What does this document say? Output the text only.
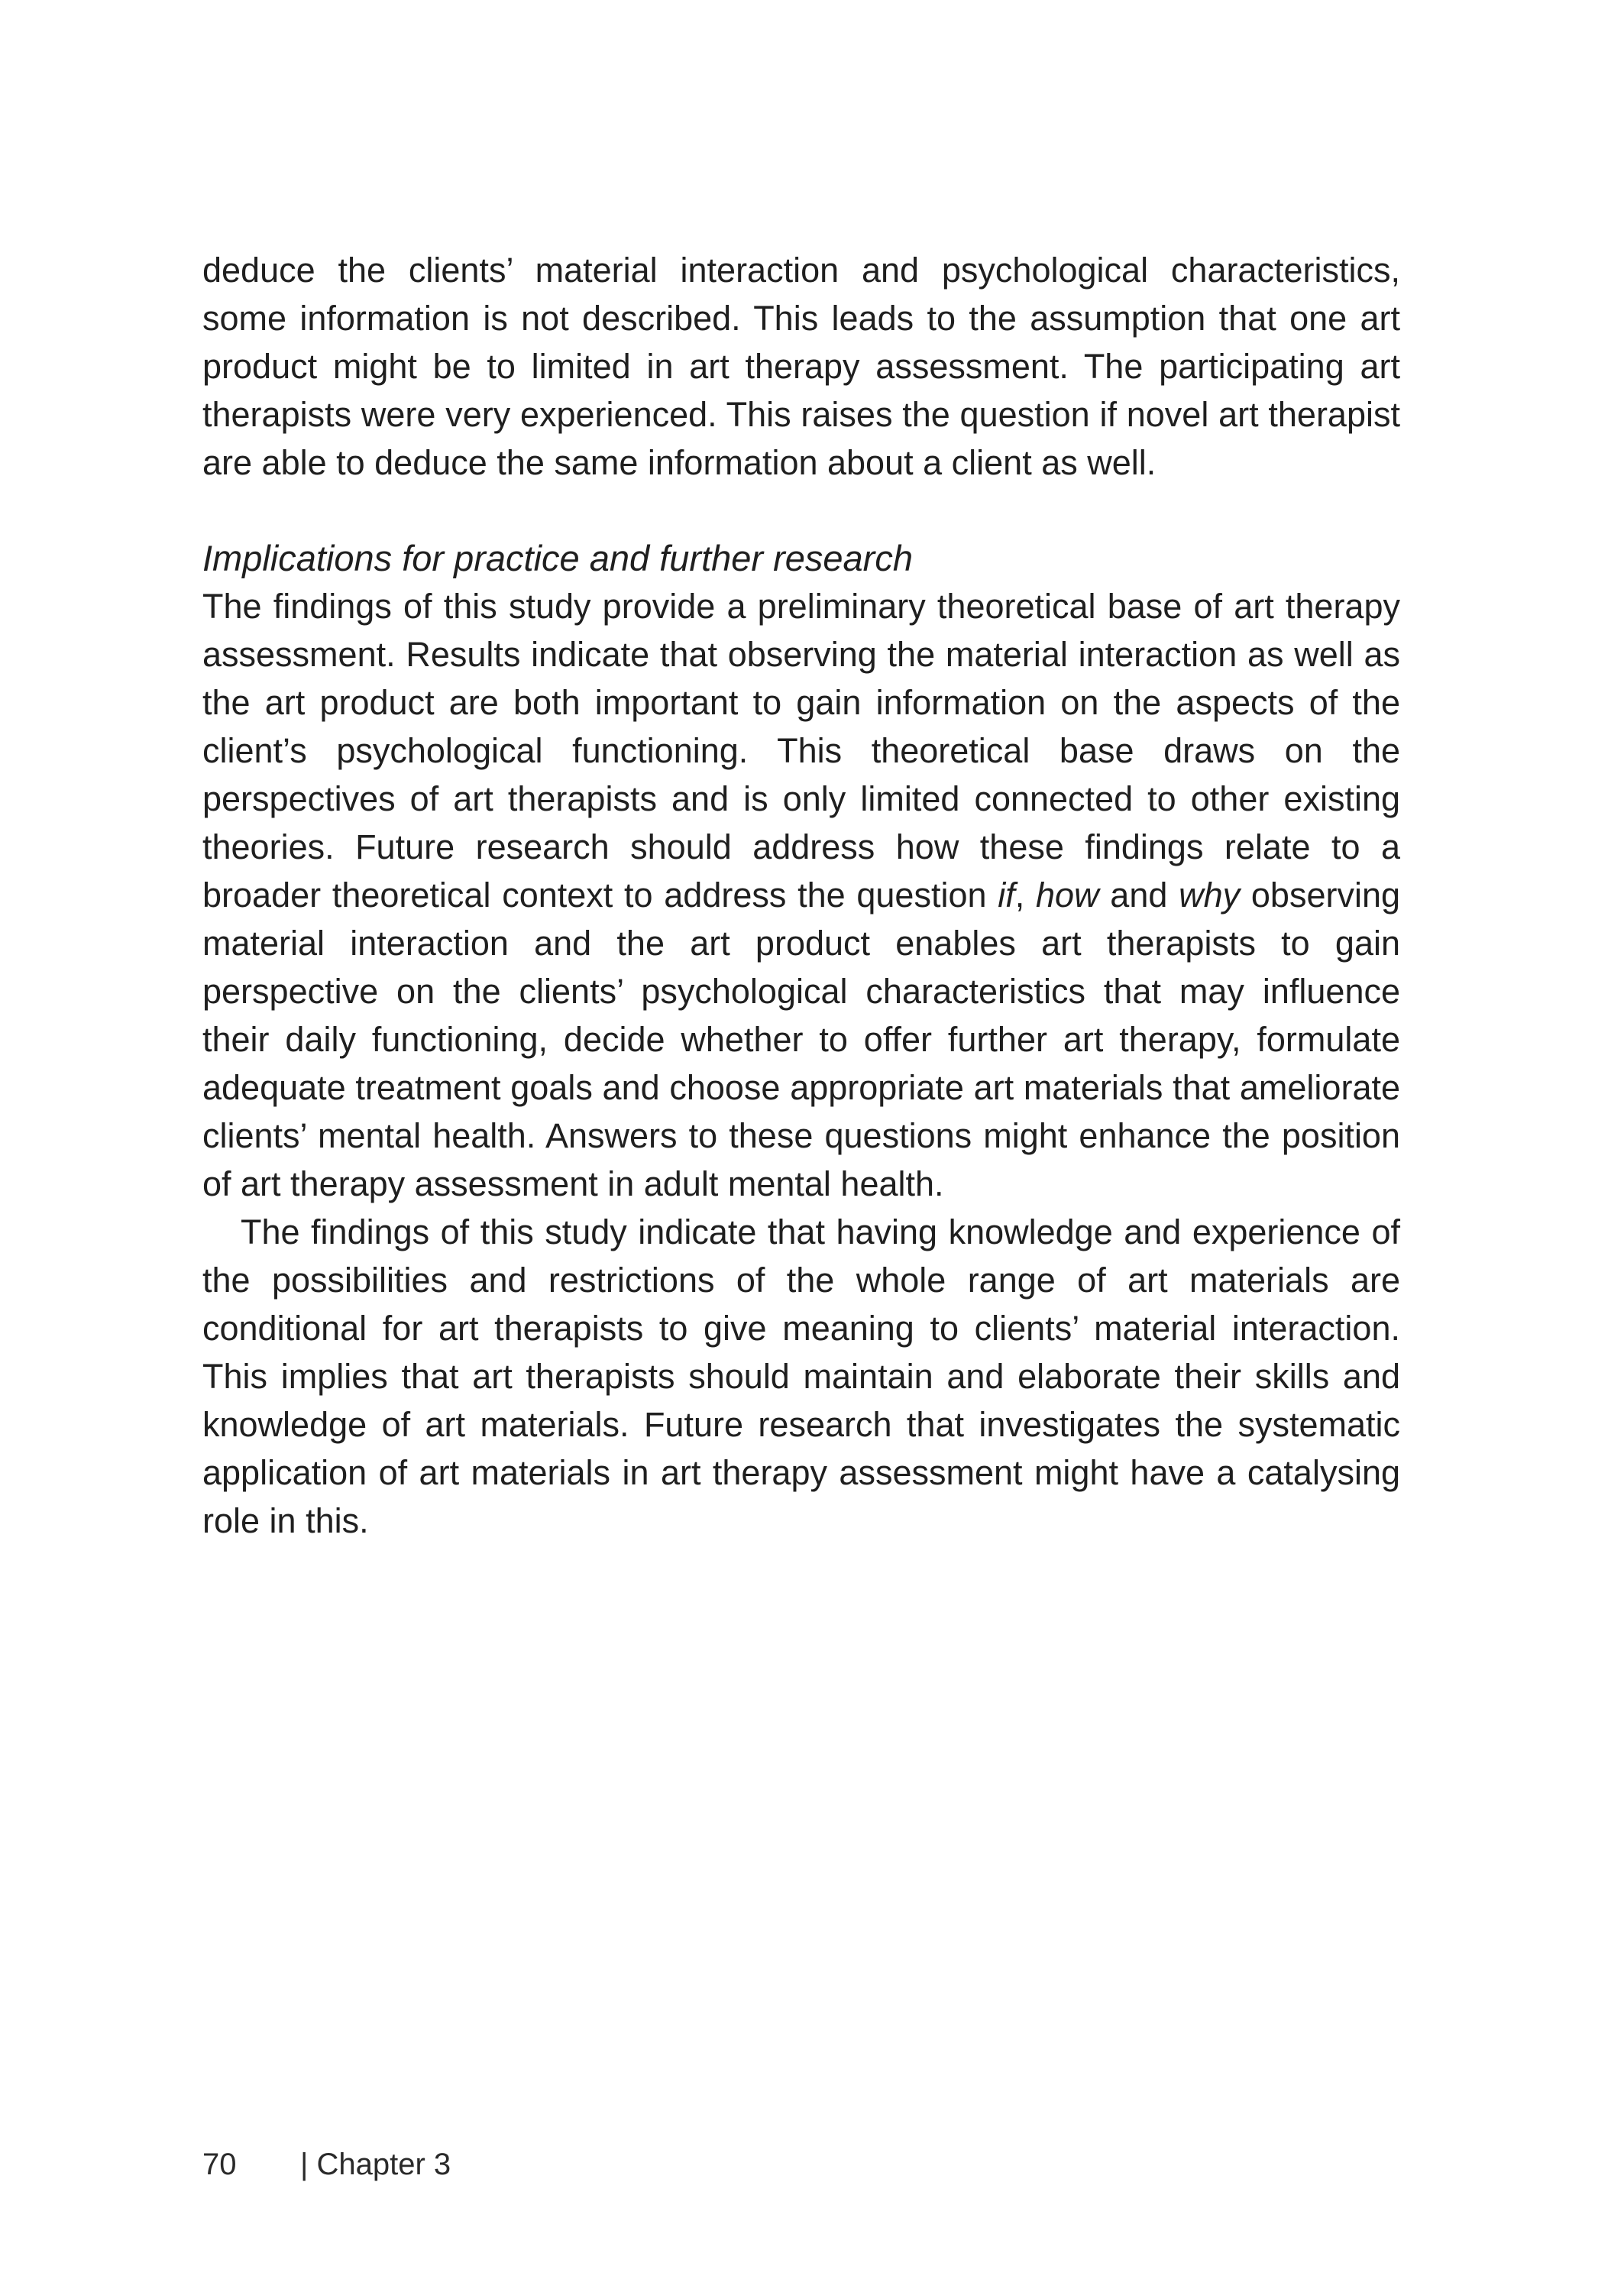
deduce the clients’ material interaction and psychological characteristics, some information is not described. This leads to the assumption that one art product might be to limited in art therapy assessment. The participating art therapists were very experienced. This raises the question if novel art therapist are able to deduce the same information about a client as well.

Implications for practice and further research

The findings of this study provide a preliminary theoretical base of art therapy assessment. Results indicate that observing the material interaction as well as the art product are both important to gain information on the aspects of the client’s psychological functioning. This theoretical base draws on the perspectives of art therapists and is only limited connected to other existing theories. Future research should address how these findings relate to a broader theoretical context to address the question if, how and why observing material interaction and the art product enables art therapists to gain perspective on the clients’ psychological characteristics that may influence their daily functioning, decide whether to offer further art therapy, formulate adequate treatment goals and choose appropriate art materials that ameliorate clients’ mental health. Answers to these questions might enhance the position of art therapy assessment in adult mental health.

The findings of this study indicate that having knowledge and experience of the possibilities and restrictions of the whole range of art materials are conditional for art therapists to give meaning to clients’ material interaction. This implies that art therapists should maintain and elaborate their skills and knowledge of art materials. Future research that investigates the systematic application of art materials in art therapy assessment might have a catalysing role in this.

70 | Chapter 3
